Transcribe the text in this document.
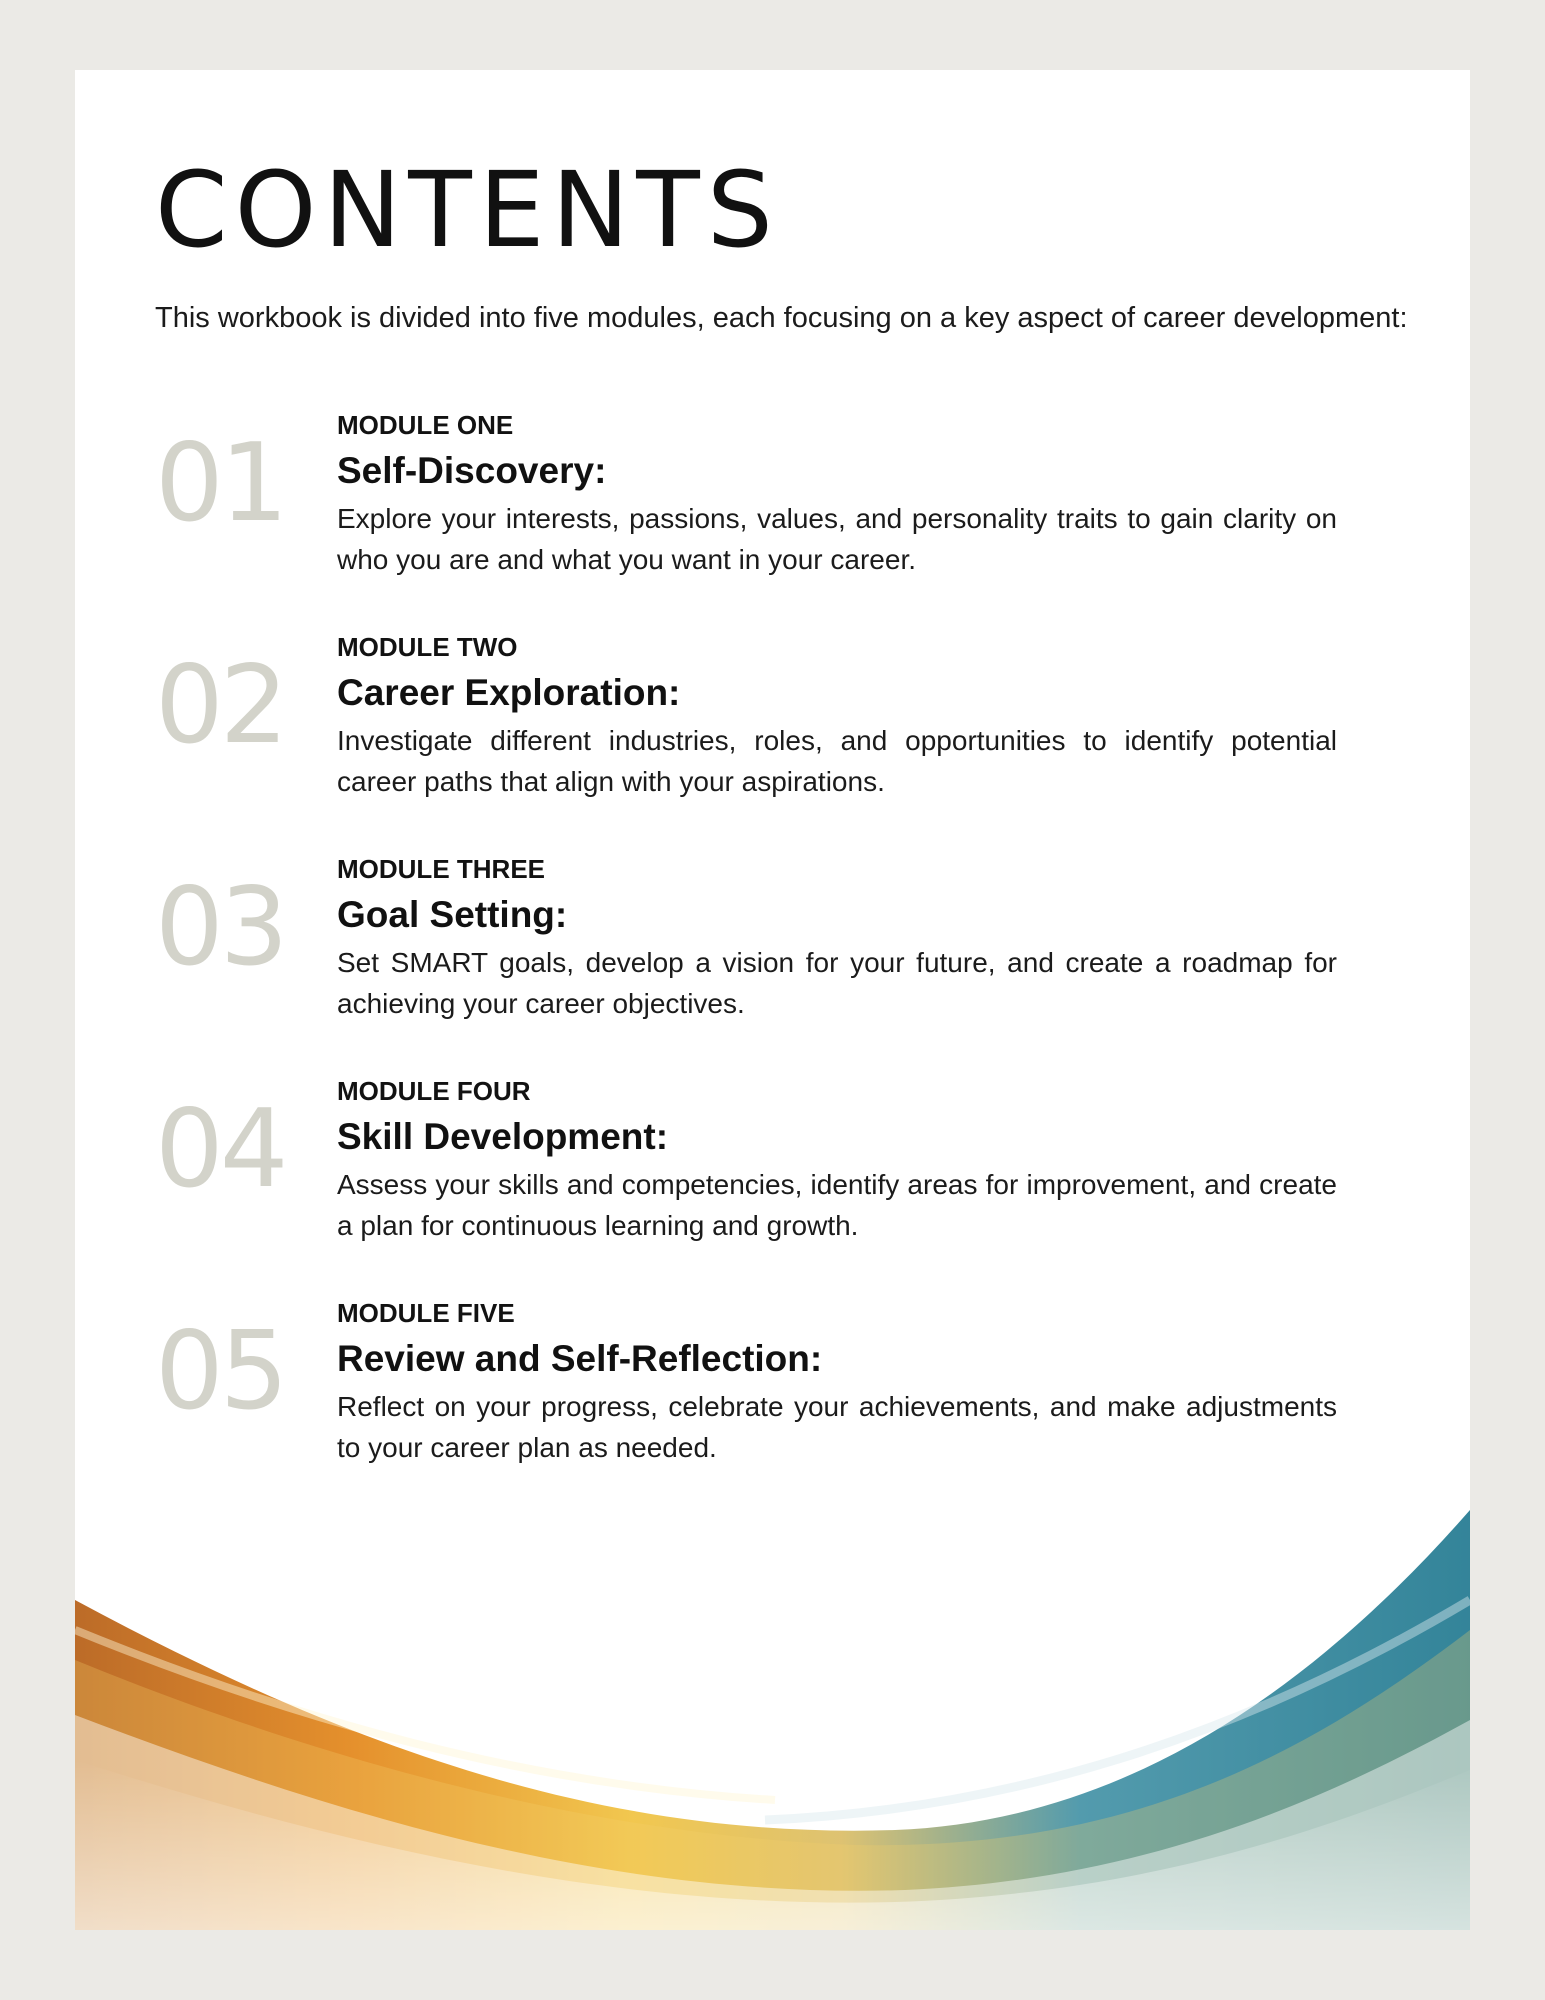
CONTENTS

This workbook is divided into five modules, each focusing on a key aspect of career development:

01 MODULE ONE

Self-Discovery:

Explore your interests, passions, values, and personality traits to gain clarity on who you are and what you want in your career.

02 MODULE TWO

Career Exploration:

Investigate different industries, roles, and opportunities to identify potential career paths that align with your aspirations.

03 MODULE THREE

Goal Setting:

Set SMART goals, develop a vision for your future, and create a roadmap for achieving your career objectives.

04 MODULE FOUR

Skill Development:

Assess your skills and competencies, identify areas for improvement, and create a plan for continuous learning and growth.

05 MODULE FIVE

Review and Self-Reflection:

Reflect on your progress, celebrate your achievements, and make adjustments to your career plan as needed.
